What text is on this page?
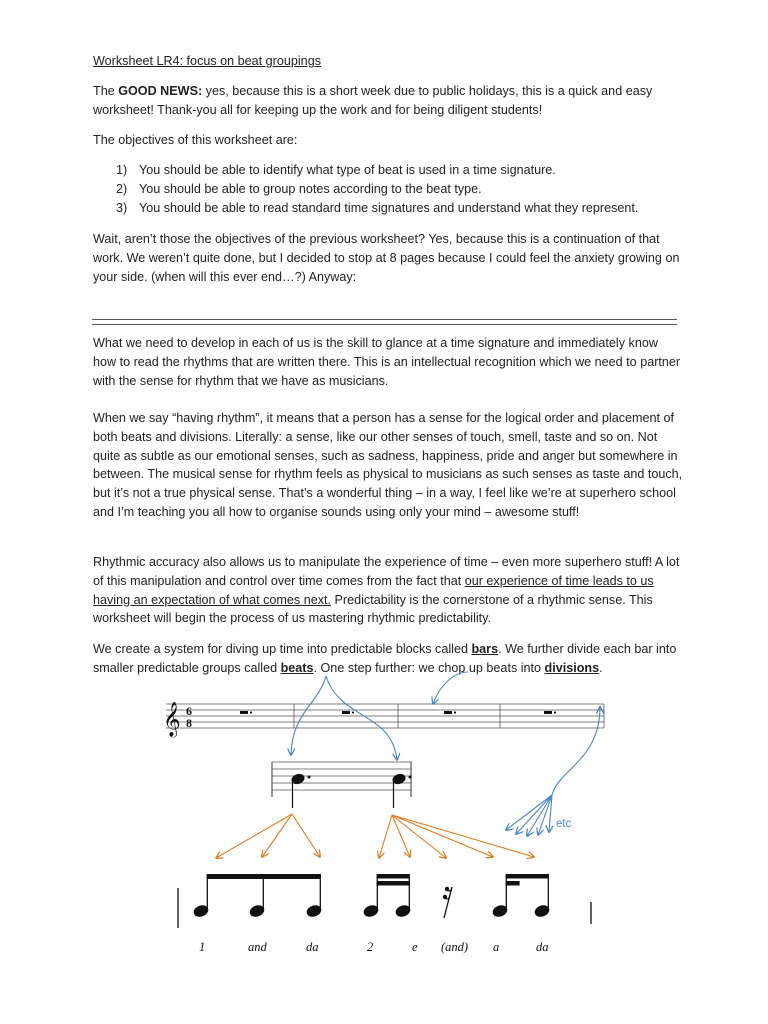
Worksheet LR4: focus on beat groupings

The GOOD NEWS: yes, because this is a short week due to public holidays, this is a quick and easy worksheet! Thank-you all for keeping up the work and for being diligent students!

The objectives of this worksheet are:

1) You should be able to identify what type of beat is used in a time signature.
2) You should be able to group notes according to the beat type.
3) You should be able to read standard time signatures and understand what they represent.

Wait, aren’t those the objectives of the previous worksheet? Yes, because this is a continuation of that work. We weren’t quite done, but I decided to stop at 8 pages because I could feel the anxiety growing on your side. (when will this ever end…?) Anyway:

What we need to develop in each of us is the skill to glance at a time signature and immediately know how to read the rhythms that are written there. This is an intellectual recognition which we need to partner with the sense for rhythm that we have as musicians.

When we say “having rhythm”, it means that a person has a sense for the logical order and placement of both beats and divisions. Literally: a sense, like our other senses of touch, smell, taste and so on. Not quite as subtle as our emotional senses, such as sadness, happiness, pride and anger but somewhere in between. The musical sense for rhythm feels as physical to musicians as such senses as taste and touch, but it’s not a true physical sense. That’s a wonderful thing – in a way, I feel like we’re at superhero school and I’m teaching you all how to organise sounds using only your mind – awesome stuff!

Rhythmic accuracy also allows us to manipulate the experience of time – even more superhero stuff! A lot of this manipulation and control over time comes from the fact that our experience of time leads to us having an expectation of what comes next. Predictability is the cornerstone of a rhythmic sense. This worksheet will begin the process of us mastering rhythmic predictability.

We create a system for diving up time into predictable blocks called bars. We further divide each bar into smaller predictable groups called beats. One step further: we chop up beats into divisions.

𝄞 6
8
etc
1	and	da	2	e (and) a	da
